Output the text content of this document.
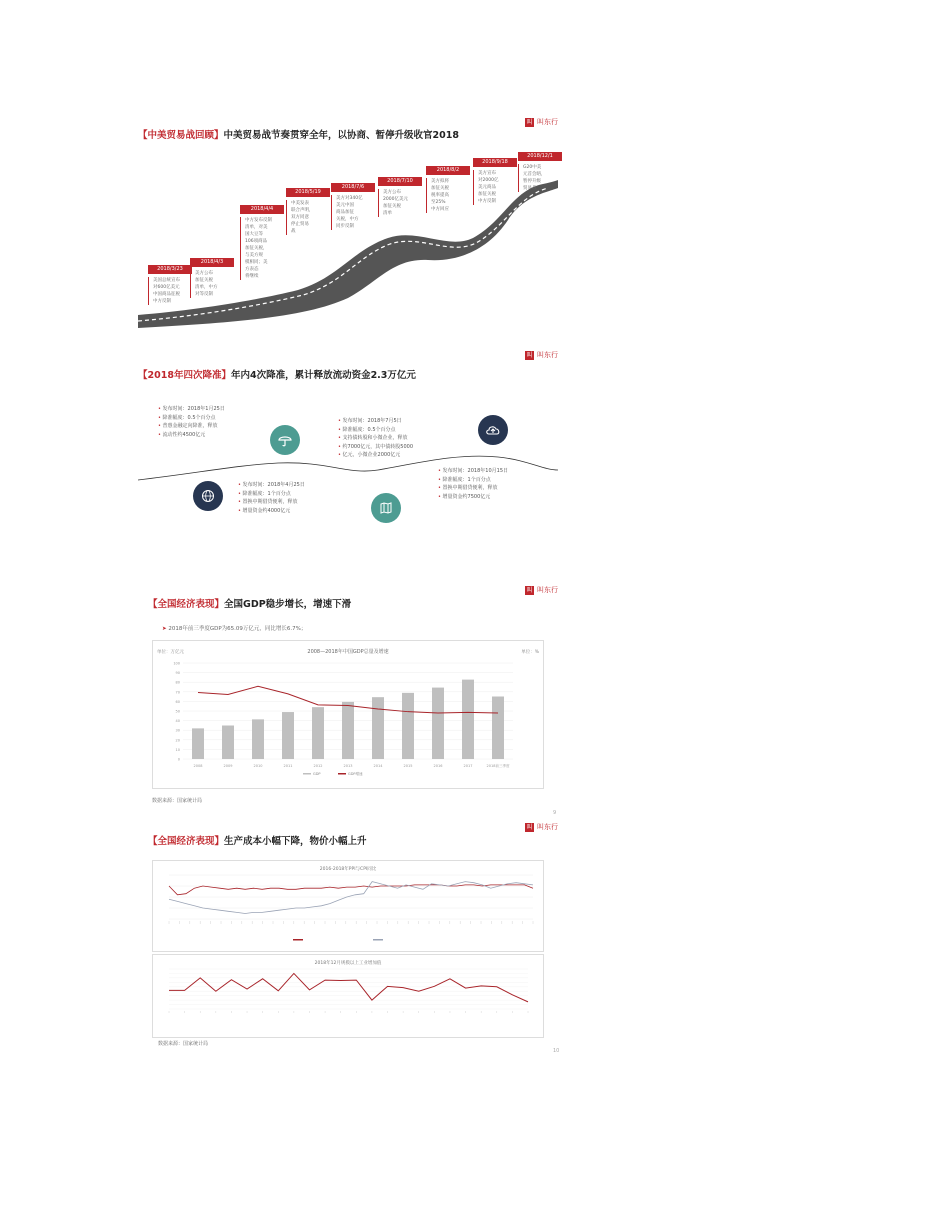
【中美贸易战回顾】中美贸易战节奏贯穿全年，以协商、暂停升级收官2018
叫 叫东行
2018/3/23
美国总统宣布
对600亿美元
中国商品征税
中方反制
2018/4/3
美方公布
加征关税
清单，中方
对等反制
2018/4/4
中方发布反制
清单，对美
国大豆等
106项商品
加征关税，
与美方规
模相同；美
方表态
将继续
2018/5/19
中美发表
联合声明，
双方同意
停止贸易
战
2018/7/6
美方对340亿
美元中国
商品加征
关税，中方
同步反制
2018/7/10
美方公布
2000亿美元
加征关税
清单
2018/8/2
美方拟将
加征关税
税率提高
至25%
中方回应
2018/9/18
美方宣布
对2000亿
美元商品
加征关税
中方反制
2018/12/1
G20中美
元首会晤，
暂停升级
贸易战
叫 叫东行
【2018年四次降准】年内4次降准，累计释放流动资金2.3万亿元
• 发布时间：2018年1月25日
• 降准幅度：0.5个百分点
• 普惠金融定向降准，释放
• 流动性约4500亿元
• 发布时间：2018年7月5日
• 降准幅度：0.5个百分点
• 支持债转股和小微企业，释放
• 约7000亿元，其中债转股5000
• 亿元，小微企业2000亿元
• 发布时间：2018年4月25日
• 降准幅度：1个百分点
• 置换中期借贷便利，释放
• 增量资金约4000亿元
• 发布时间：2018年10月15日
• 降准幅度：1个百分点
• 置换中期借贷便利，释放
• 增量资金约7500亿元
叫 叫东行
【全国经济表现】全国GDP稳步增长，增速下滑
➤ 2018年前三季度GDP为65.09万亿元，同比增长6.7%；
2008—2018年中国GDP总量及增速
单位：万亿元	单位：%
0
10
20
30
40
50
60
70
80
90
100
2008	2009	2010	2011	2012	2013	2014	2015	2016	2017	2018前三季度
GDP	GDP增速
数据来源：国家统计局
9
叫 叫东行
【全国经济表现】生产成本小幅下降，物价小幅上升
2016-2018年PPI与CPI同比
2018年12月规模以上工业增加值
数据来源：国家统计局
10
